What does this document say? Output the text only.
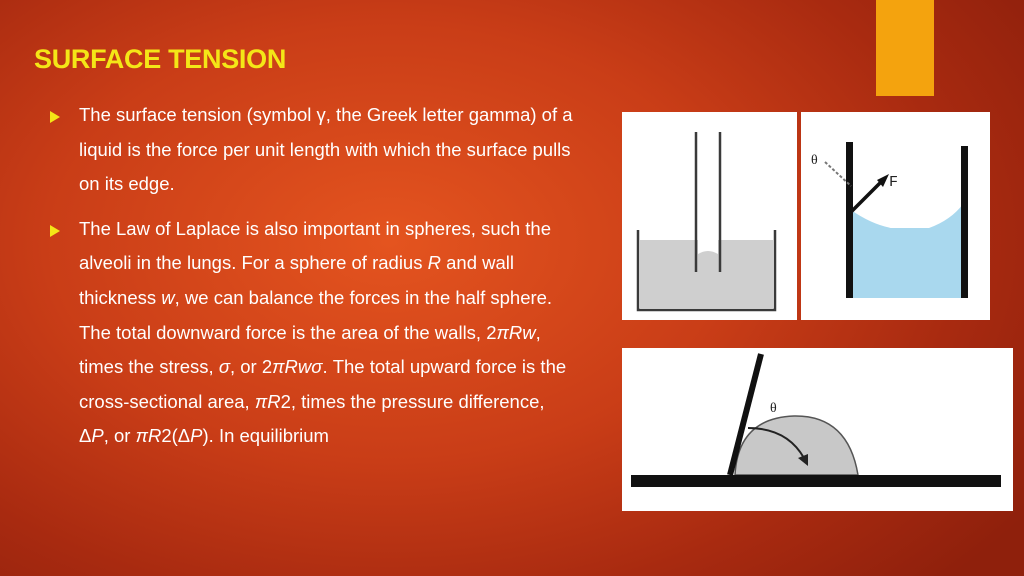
SURFACE TENSION
The surface tension (symbol γ, the Greek letter gamma) of a liquid is the force per unit length with which the surface pulls on its edge.
The Law of Laplace is also important in spheres, such the alveoli in the lungs. For a sphere of radius R and wall thickness w, we can balance the forces in the half sphere. The total downward force is the area of the walls, 2πRw, times the stress, σ, or 2πRwσ. The total upward force is the cross-sectional area, πR2, times the pressure difference, ΔP, or πR2(ΔP). In equilibrium
θ
F
θ
